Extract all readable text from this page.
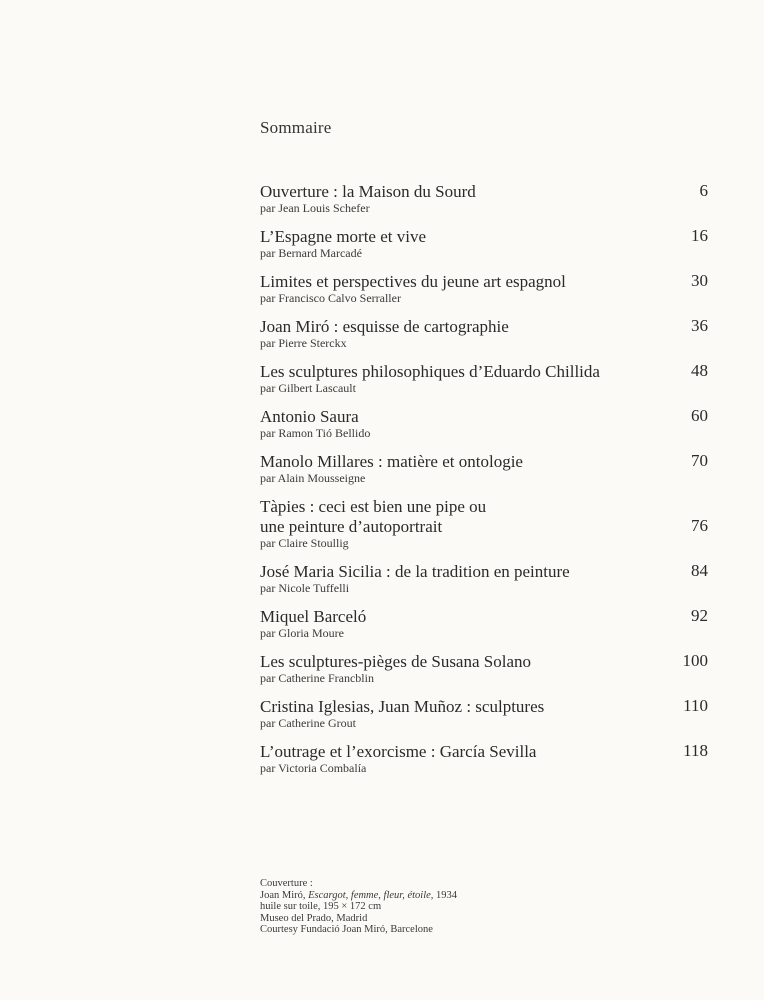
Sommaire
Ouverture : la Maison du Sourd
par Jean Louis Schefer
6
L’Espagne morte et vive
par Bernard Marcadé
16
Limites et perspectives du jeune art espagnol
par Francisco Calvo Serraller
30
Joan Miró : esquisse de cartographie
par Pierre Sterckx
36
Les sculptures philosophiques d’Eduardo Chillida
par Gilbert Lascault
48
Antonio Saura
par Ramon Tió Bellido
60
Manolo Millares : matière et ontologie
par Alain Mousseigne
70
Tàpies : ceci est bien une pipe ou
une peinture d’autoportrait
par Claire Stoullig
76
José Maria Sicilia : de la tradition en peinture
par Nicole Tuffelli
84
Miquel Barceló
par Gloria Moure
92
Les sculptures-pièges de Susana Solano
par Catherine Francblin
100
Cristina Iglesias, Juan Muñoz : sculptures
par Catherine Grout
110
L’outrage et l’exorcisme : García Sevilla
par Victoria Combalía
118
Couverture :
Joan Miró, Escargot, femme, fleur, étoile, 1934
huile sur toile, 195 × 172 cm
Museo del Prado, Madrid
Courtesy Fundació Joan Miró, Barcelone
